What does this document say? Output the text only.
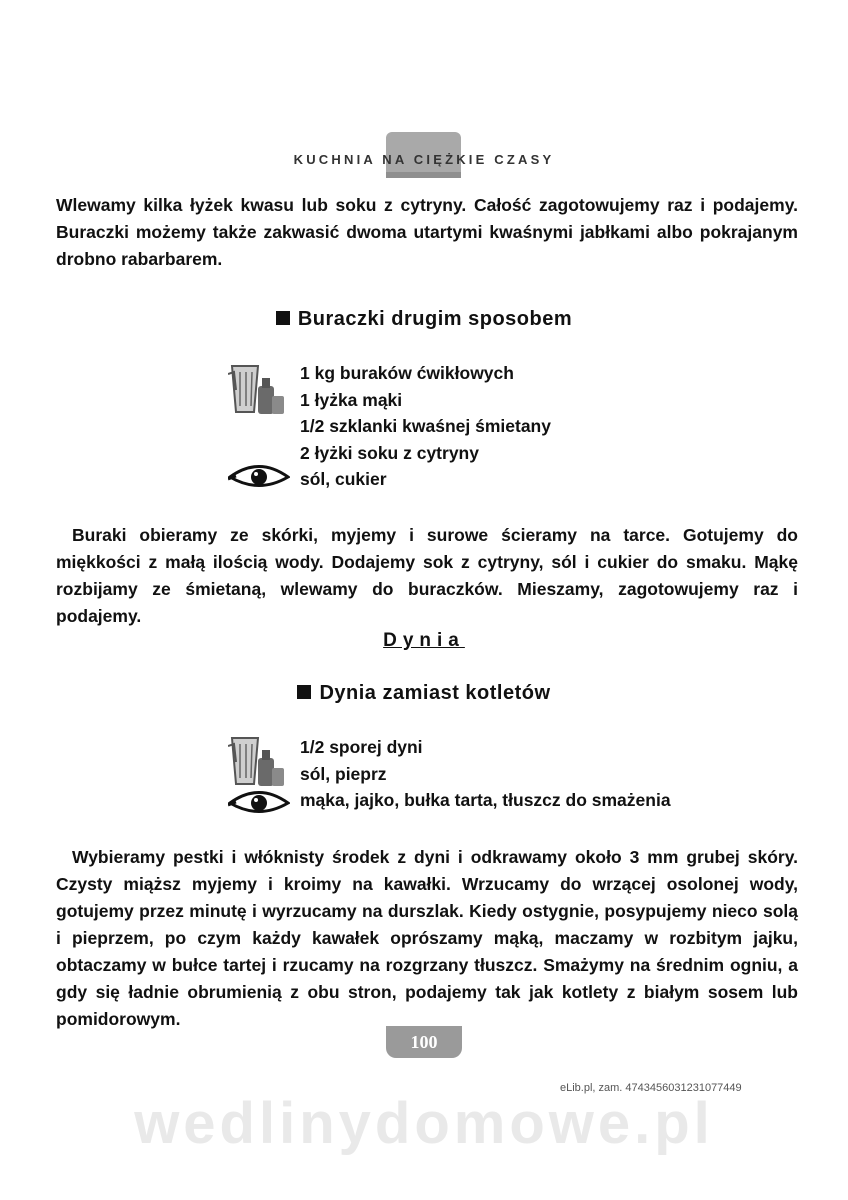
KUCHNIA NA CIĘŻKIE CZASY

Wlewamy kilka łyżek kwasu lub soku z cytryny. Całość zagotowujemy raz i podajemy. Buraczki możemy także zakwasić dwoma utartymi kwaśnymi jabłkami albo pokrajanym drobno rabarbarem.

Buraczki drugim sposobem
1 kg buraków ćwikłowych
1 łyżka mąki
1/2 szklanki kwaśnej śmietany
2 łyżki soku z cytryny
sól, cukier

Buraki obieramy ze skórki, myjemy i surowe ścieramy na tarce. Gotujemy do miękkości z małą ilością wody. Dodajemy sok z cytryny, sól i cukier do smaku. Mąkę rozbijamy ze śmietaną, wlewamy do buraczków. Mieszamy, zagotowujemy raz i podajemy.

Dynia
Dynia zamiast kotletów
1/2 sporej dyni
sól, pieprz
mąka, jajko, bułka tarta, tłuszcz do smażenia

Wybieramy pestki i włóknisty środek z dyni i odkrawamy około 3 mm grubej skóry. Czysty miąższ myjemy i kroimy na kawałki. Wrzucamy do wrzącej osolonej wody, gotujemy przez minutę i wyrzucamy na durszlak. Kiedy ostygnie, posypujemy nieco solą i pieprzem, po czym każdy kawałek oprószamy mąką, maczamy w rozbitym jajku, obtaczamy w bułce tartej i rzucamy na rozgrzany tłuszcz. Smażymy na średnim ogniu, a gdy się ładnie obrumienią z obu stron, podajemy tak jak kotlety z białym sosem lub pomidorowym.

100
wedlinydomowe.pl
eLib.pl, zam. 4743456031231077449
